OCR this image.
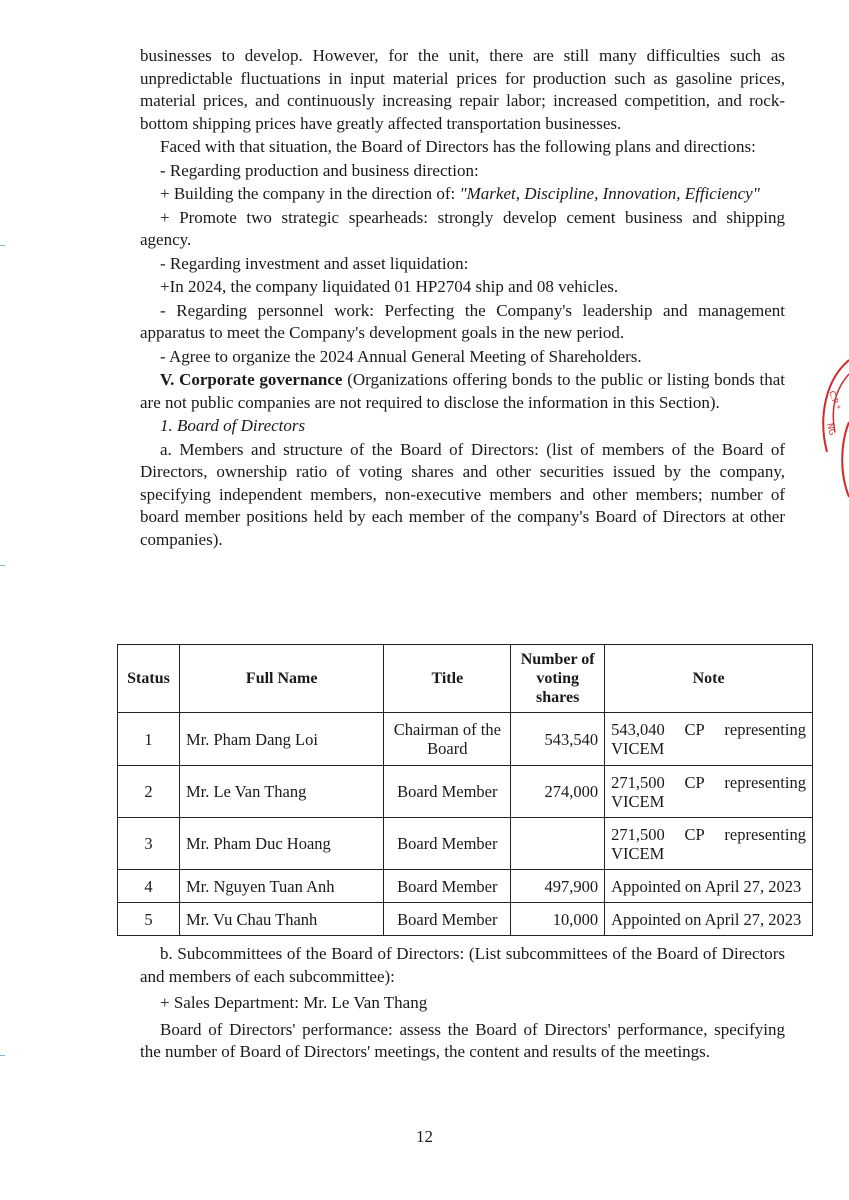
businesses to develop. However, for the unit, there are still many difficulties such as unpredictable fluctuations in input material prices for production such as gasoline prices, material prices, and continuously increasing repair labor; increased competition, and rock-bottom shipping prices have greatly affected transportation businesses.

Faced with that situation, the Board of Directors has the following plans and directions:

- Regarding production and business direction:

+ Building the company in the direction of: "Market, Discipline, Innovation, Efficiency"

+ Promote two strategic spearheads: strongly develop cement business and shipping agency.

- Regarding investment and asset liquidation:

+In 2024, the company liquidated 01 HP2704 ship and 08 vehicles.

- Regarding personnel work: Perfecting the Company's leadership and management apparatus to meet the Company's development goals in the new period.

- Agree to organize the 2024 Annual General Meeting of Shareholders.

V. Corporate governance (Organizations offering bonds to the public or listing bonds that are not public companies are not required to disclose the information in this Section).

1. Board of Directors

a. Members and structure of the Board of Directors: (list of members of the Board of Directors, ownership ratio of voting shares and other securities issued by the company, specifying independent members, non-executive members and other members; number of board member positions held by each member of the company's Board of Directors at other companies).

Status	Full Name	Title	Number of voting shares	Note
1	Mr. Pham Dang Loi	Chairman of the Board	543,540	543,040 CP representing
VICEM

2	Mr. Le Van Thang	Board Member	274,000	271,500 CP representing
VICEM

3	Mr. Pham Duc Hoang	Board Member		271,500 CP representing
VICEM

4	Mr. Nguyen Tuan Anh	Board Member	497,900	Appointed on April 27, 2023
5	Mr. Vu Chau Thanh	Board Member	10,000	Appointed on April 27, 2023

b. Subcommittees of the Board of Directors: (List subcommittees of the Board of Directors and members of each subcommittee):

+ Sales Department: Mr. Le Van Thang

Board of Directors' performance: assess the Board of Directors' performance, specifying the number of Board of Directors' meetings, the content and results of the meetings.

12
C.P *
NG
